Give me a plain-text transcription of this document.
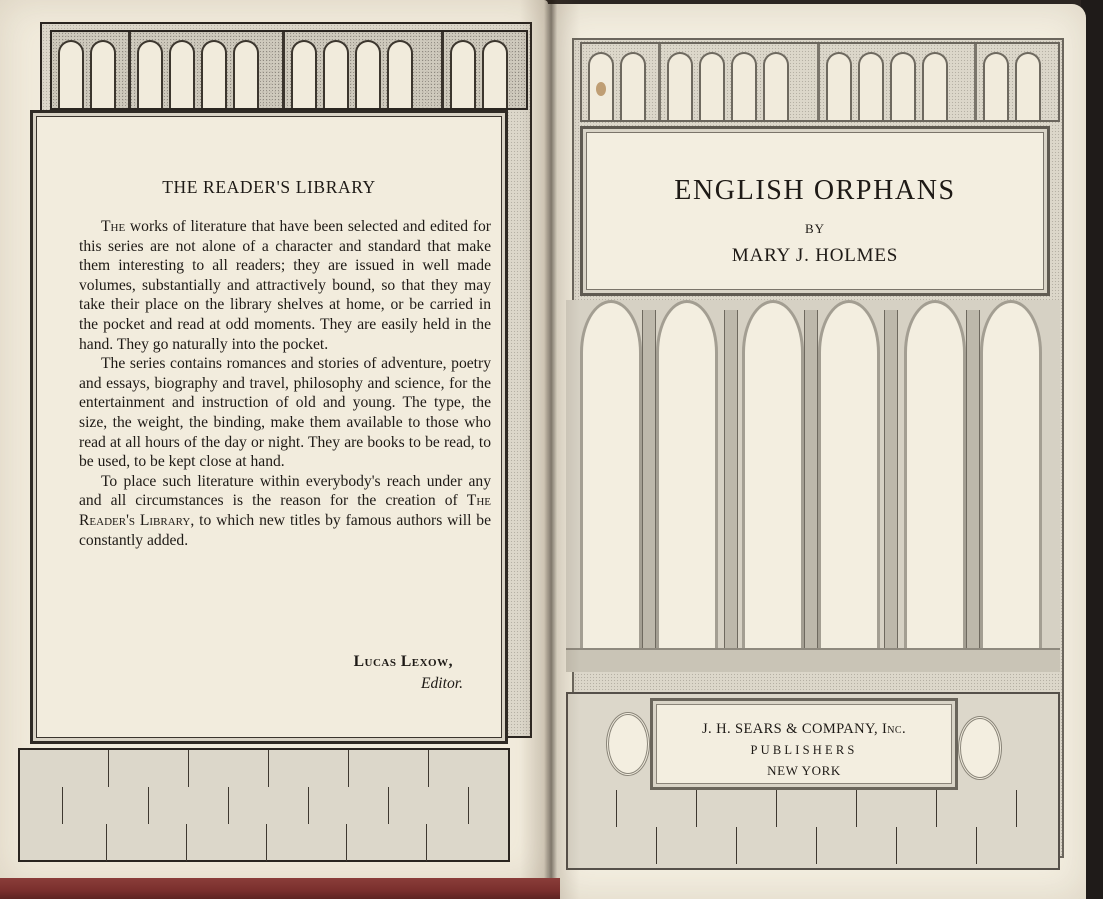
THE READER'S LIBRARY

The works of literature that have been selected and edited for this series are not alone of a character and standard that make them interesting to all readers; they are issued in well made volumes, substantially and attractively bound, so that they may take their place on the library shelves at home, or be carried in the pocket and read at odd moments. They are easily held in the hand. They go naturally into the pocket.

The series contains romances and stories of adventure, poetry and essays, biography and travel, philosophy and science, for the entertainment and instruction of old and young. The type, the size, the weight, the binding, make them available to those who read at all hours of the day or night. They are books to be read, to be used, to be kept close at hand.

To place such literature within everybody's reach under any and all circumstances is the reason for the creation of The Reader's Library, to which new titles by famous authors will be constantly added.

Lucas Lexow,
Editor.
ENGLISH ORPHANS
BY
MARY J. HOLMES
J. H. SEARS & COMPANY, Inc.
PUBLISHERS
NEW YORK
